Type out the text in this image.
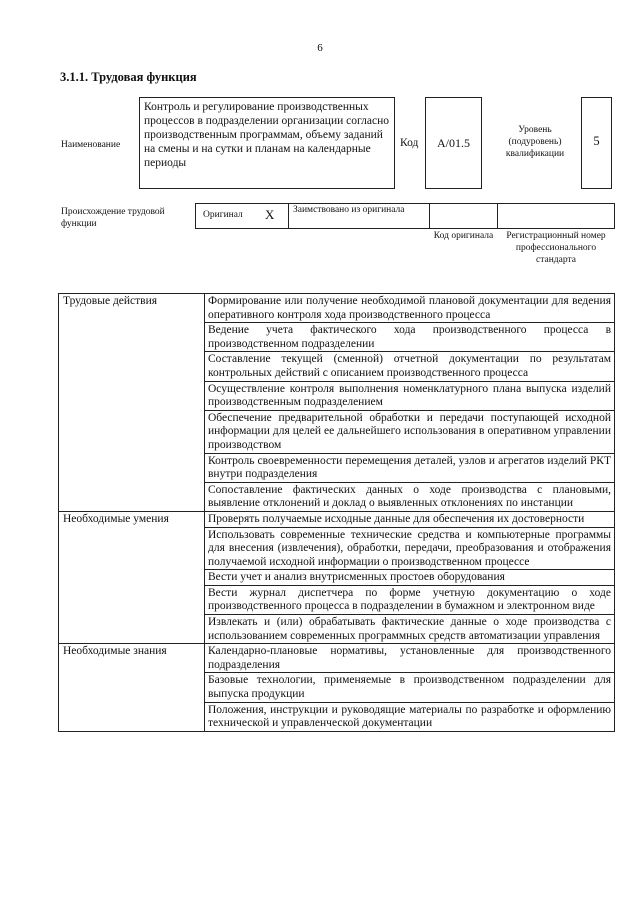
6
3.1.1. Трудовая функция
Наименование
Контроль и регулирование производственных процессов в подразделении организации согласно производственным программам, объему заданий на смены и на сутки и планам на календарные периоды
Код	А/01.5
Уровень (подуровень) квалификации
5
Происхождение трудовой функции
Оригинал X	Заимствовано из оригинала
Код оригинала	Регистрационный номер профессионального стандарта
Трудовые действия	Формирование или получение необходимой плановой документации для ведения оперативного контроля хода производственного процесса
	Ведение учета фактического хода производственного процесса в производственном подразделении
	Составление текущей (сменной) отчетной документации по результатам контрольных действий с описанием производственного процесса
	Осуществление контроля выполнения номенклатурного плана выпуска изделий производственным подразделением
	Обеспечение предварительной обработки и передачи поступающей исходной информации для целей ее дальнейшего использования в оперативном управлении производством
	Контроль своевременности перемещения деталей, узлов и агрегатов изделий РКТ внутри подразделения
	Сопоставление фактических данных о ходе производства с плановыми, выявление отклонений и доклад о выявленных отклонениях по инстанции
Необходимые умения	Проверять получаемые исходные данные для обеспечения их достоверности
	Использовать современные технические средства и компьютерные программы для внесения (извлечения), обработки, передачи, преобразования и отображения получаемой исходной информации о производственном процессе
	Вести учет и анализ внутрисменных простоев оборудования
	Вести журнал диспетчера по форме учетную документацию о ходе производственного процесса в подразделении в бумажном и электронном виде
	Извлекать и (или) обрабатывать фактические данные о ходе производства с использованием современных программных средств автоматизации управления
Необходимые знания	Календарно-плановые нормативы, установленные для производственного подразделения
	Базовые технологии, применяемые в производственном подразделении для выпуска продукции
	Положения, инструкции и руководящие материалы по разработке и оформлению технической и управленческой документации
